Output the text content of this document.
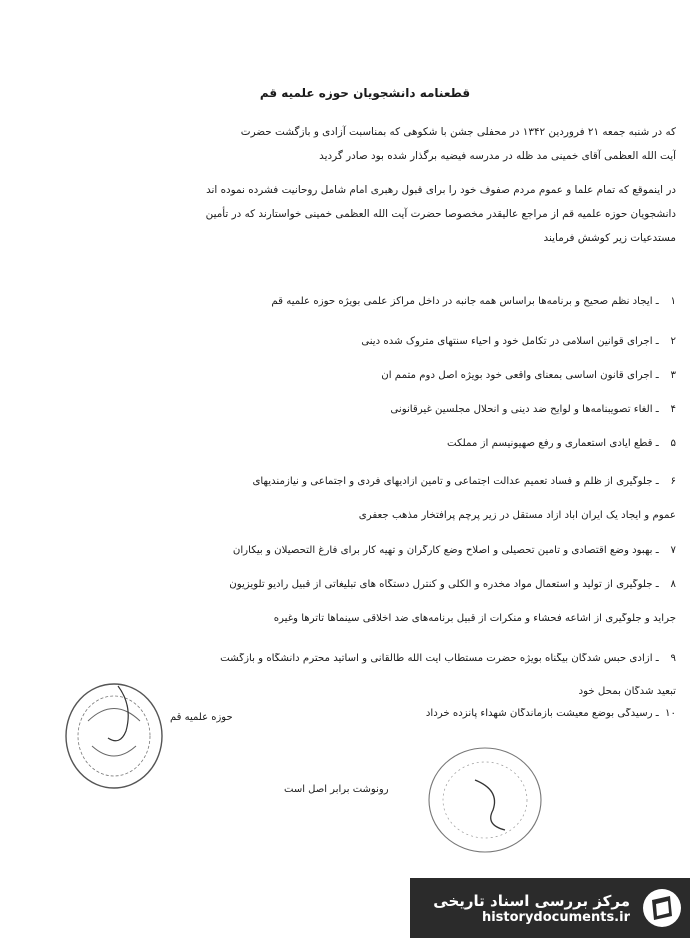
قطعنامه دانشجویان حوزه علمیه قم

که در شنبه جمعه ۲۱ فروردین ۱۳۴۲ در محفلی جشن با شکوهی که بمناسبت آزادی و بازگشت حضرت

آیت الله العظمی آقای خمینی مد ظله در مدرسه فیضیه برگذار شده بود صادر گردید

در اینموقع که تمام علما و عموم مردم صفوف خود را برای قبول رهبری امام شامل روحانیت فشرده نموده اند

دانشجویان حوزه علمیه قم از مراجع عالیقدر مخصوصا حضرت آیت الله العظمی خمینی خواستارند که در تأمین

مستدعیات زیر کوشش فرمایند

۱ ـ ایجاد نظم صحیح و برنامه‌ها براساس همه جانبه در داخل مراکز علمی بویژه حوزه علمیه قم
۲ ـ اجرای قوانین اسلامی در تکامل خود و احیاء سنتهای متروک شده دینی
۳ ـ اجرای قانون اساسی بمعنای واقعی خود بویژه اصل دوم متمم آن
۴ ـ الغاء تصویبنامه‌ها و لوایح ضد دینی و انحلال مجلسین غیرقانونی
۵ ـ قطع ایادی استعماری و رفع صهیونیسم از مملکت
۶ ـ جلوگیری از ظلم و فساد تعمیم عدالت اجتماعی و تأمین آزادیهای فردی و اجتماعی و نیازمندیهای
عموم و ایجاد یک ایران آباد آزاد مستقل در زیر پرچم پرافتخار مذهب جعفری
۷ ـ بهبود وضع اقتصادی و تأمین تحصیلی و اصلاح وضع کارگران و تهیه کار برای فارغ التحصیلان و بیکاران
۸ ـ جلوگیری از تولید و استعمال مواد مخدره و الکلی و کنترل دستگاه های تبلیغاتی از قبیل رادیو تلویزیون
جراید و جلوگیری از اشاعه فحشاء و منکرات از قبیل برنامه‌های ضد اخلاقی سینماها تاترها وغیره
۹ ـ آزادی حبس شدگان بیگناه بویژه حضرت مستطاب آیت الله طالقانی و اساتید محترم دانشگاه و بازگشت
تبعید شدگان بمحل خود
۱۰ ـ رسیدگی بوضع معیشت بازماندگان شهداء پانزده خرداد
حوزه علمیه قم
رونوشت برابر اصل است
مرکز بررسی اسناد تاریخی
historydocuments.ir
